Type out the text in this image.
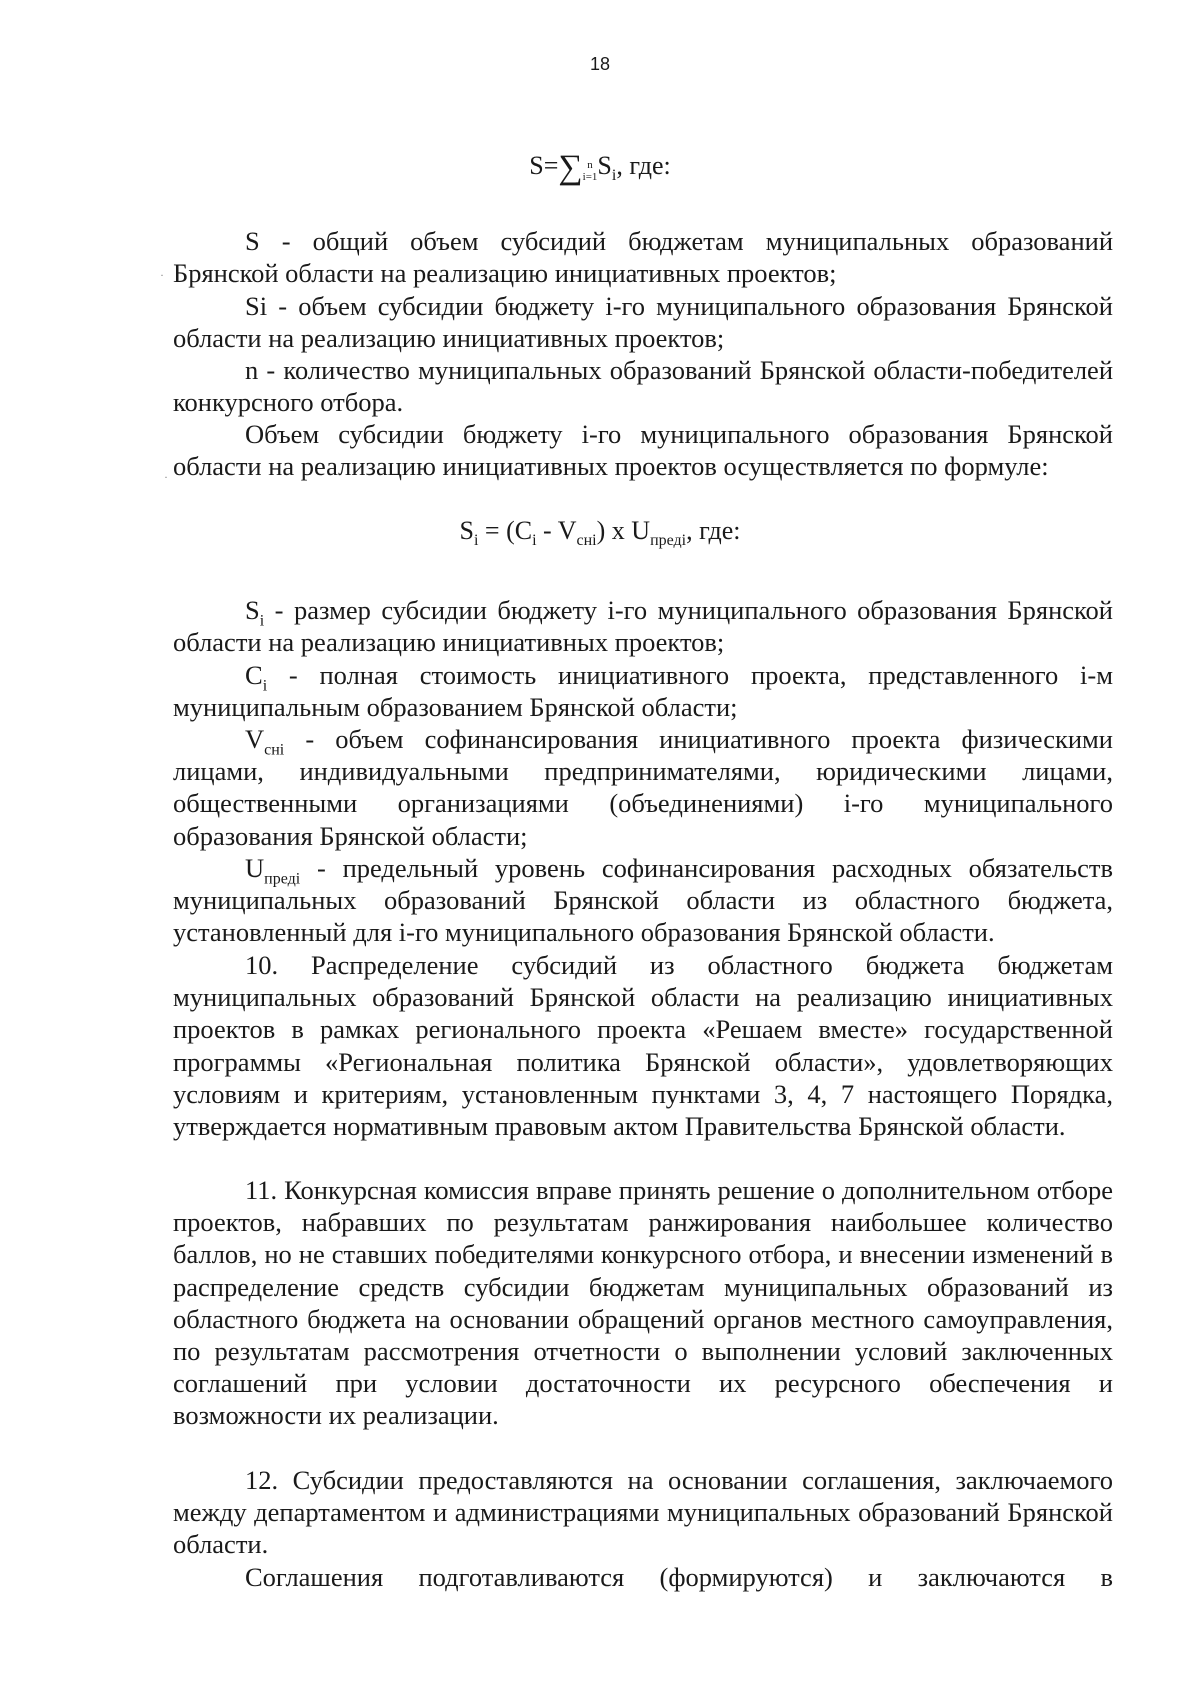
18
S=∑ n
i=1 $S_i$, где:

S - общий объем субсидий бюджетам муниципальных образований Брянской области на реализацию инициативных проектов;

Si - объем субсидии бюджету i-го муниципального образования Брянской области на реализацию инициативных проектов;

n - количество муниципальных образований Брянской области-победителей конкурсного отбора.

Объем субсидии бюджету i-го муниципального образования Брянской области на реализацию инициативных проектов осуществляется по формуле:

$S_i = (C_i - V_{cнi})$ x $U_{предi}$, где:

$S_i$ - размер субсидии бюджету i-го муниципального образования Брянской области на реализацию инициативных проектов;

$C_i$ - полная стоимость инициативного проекта, представленного i-м муниципальным образованием Брянской области;

$V_{cнi}$ - объем софинансирования инициативного проекта физическими лицами, индивидуальными предпринимателями, юридическими лицами, общественными организациями (объединениями) i-го муниципального образования Брянской области;

$U_{предi}$ - предельный уровень софинансирования расходных обязательств муниципальных образований Брянской области из областного бюджета, установленный для i-го муниципального образования Брянской области.

10. Распределение субсидий из областного бюджета бюджетам муниципальных образований Брянской области на реализацию инициативных проектов в рамках регионального проекта «Решаем вместе» государственной программы «Региональная политика Брянской области», удовлетворяющих условиям и критериям, установленным пунктами 3, 4, 7 настоящего Порядка, утверждается нормативным правовым актом Правительства Брянской области.

11. Конкурсная комиссия вправе принять решение о дополнительном отборе проектов, набравших по результатам ранжирования наибольшее количество баллов, но не ставших победителями конкурсного отбора, и внесении изменений в распределение средств субсидии бюджетам муниципальных образований из областного бюджета на основании обращений органов местного самоуправления, по результатам рассмотрения отчетности о выполнении условий заключенных соглашений при условии достаточности их ресурсного обеспечения и возможности их реализации.

12. Субсидии предоставляются на основании соглашения, заключаемого между департаментом и администрациями муниципальных образований Брянской области.

Соглашения подготавливаются (формируются) и заключаются в

·
·
